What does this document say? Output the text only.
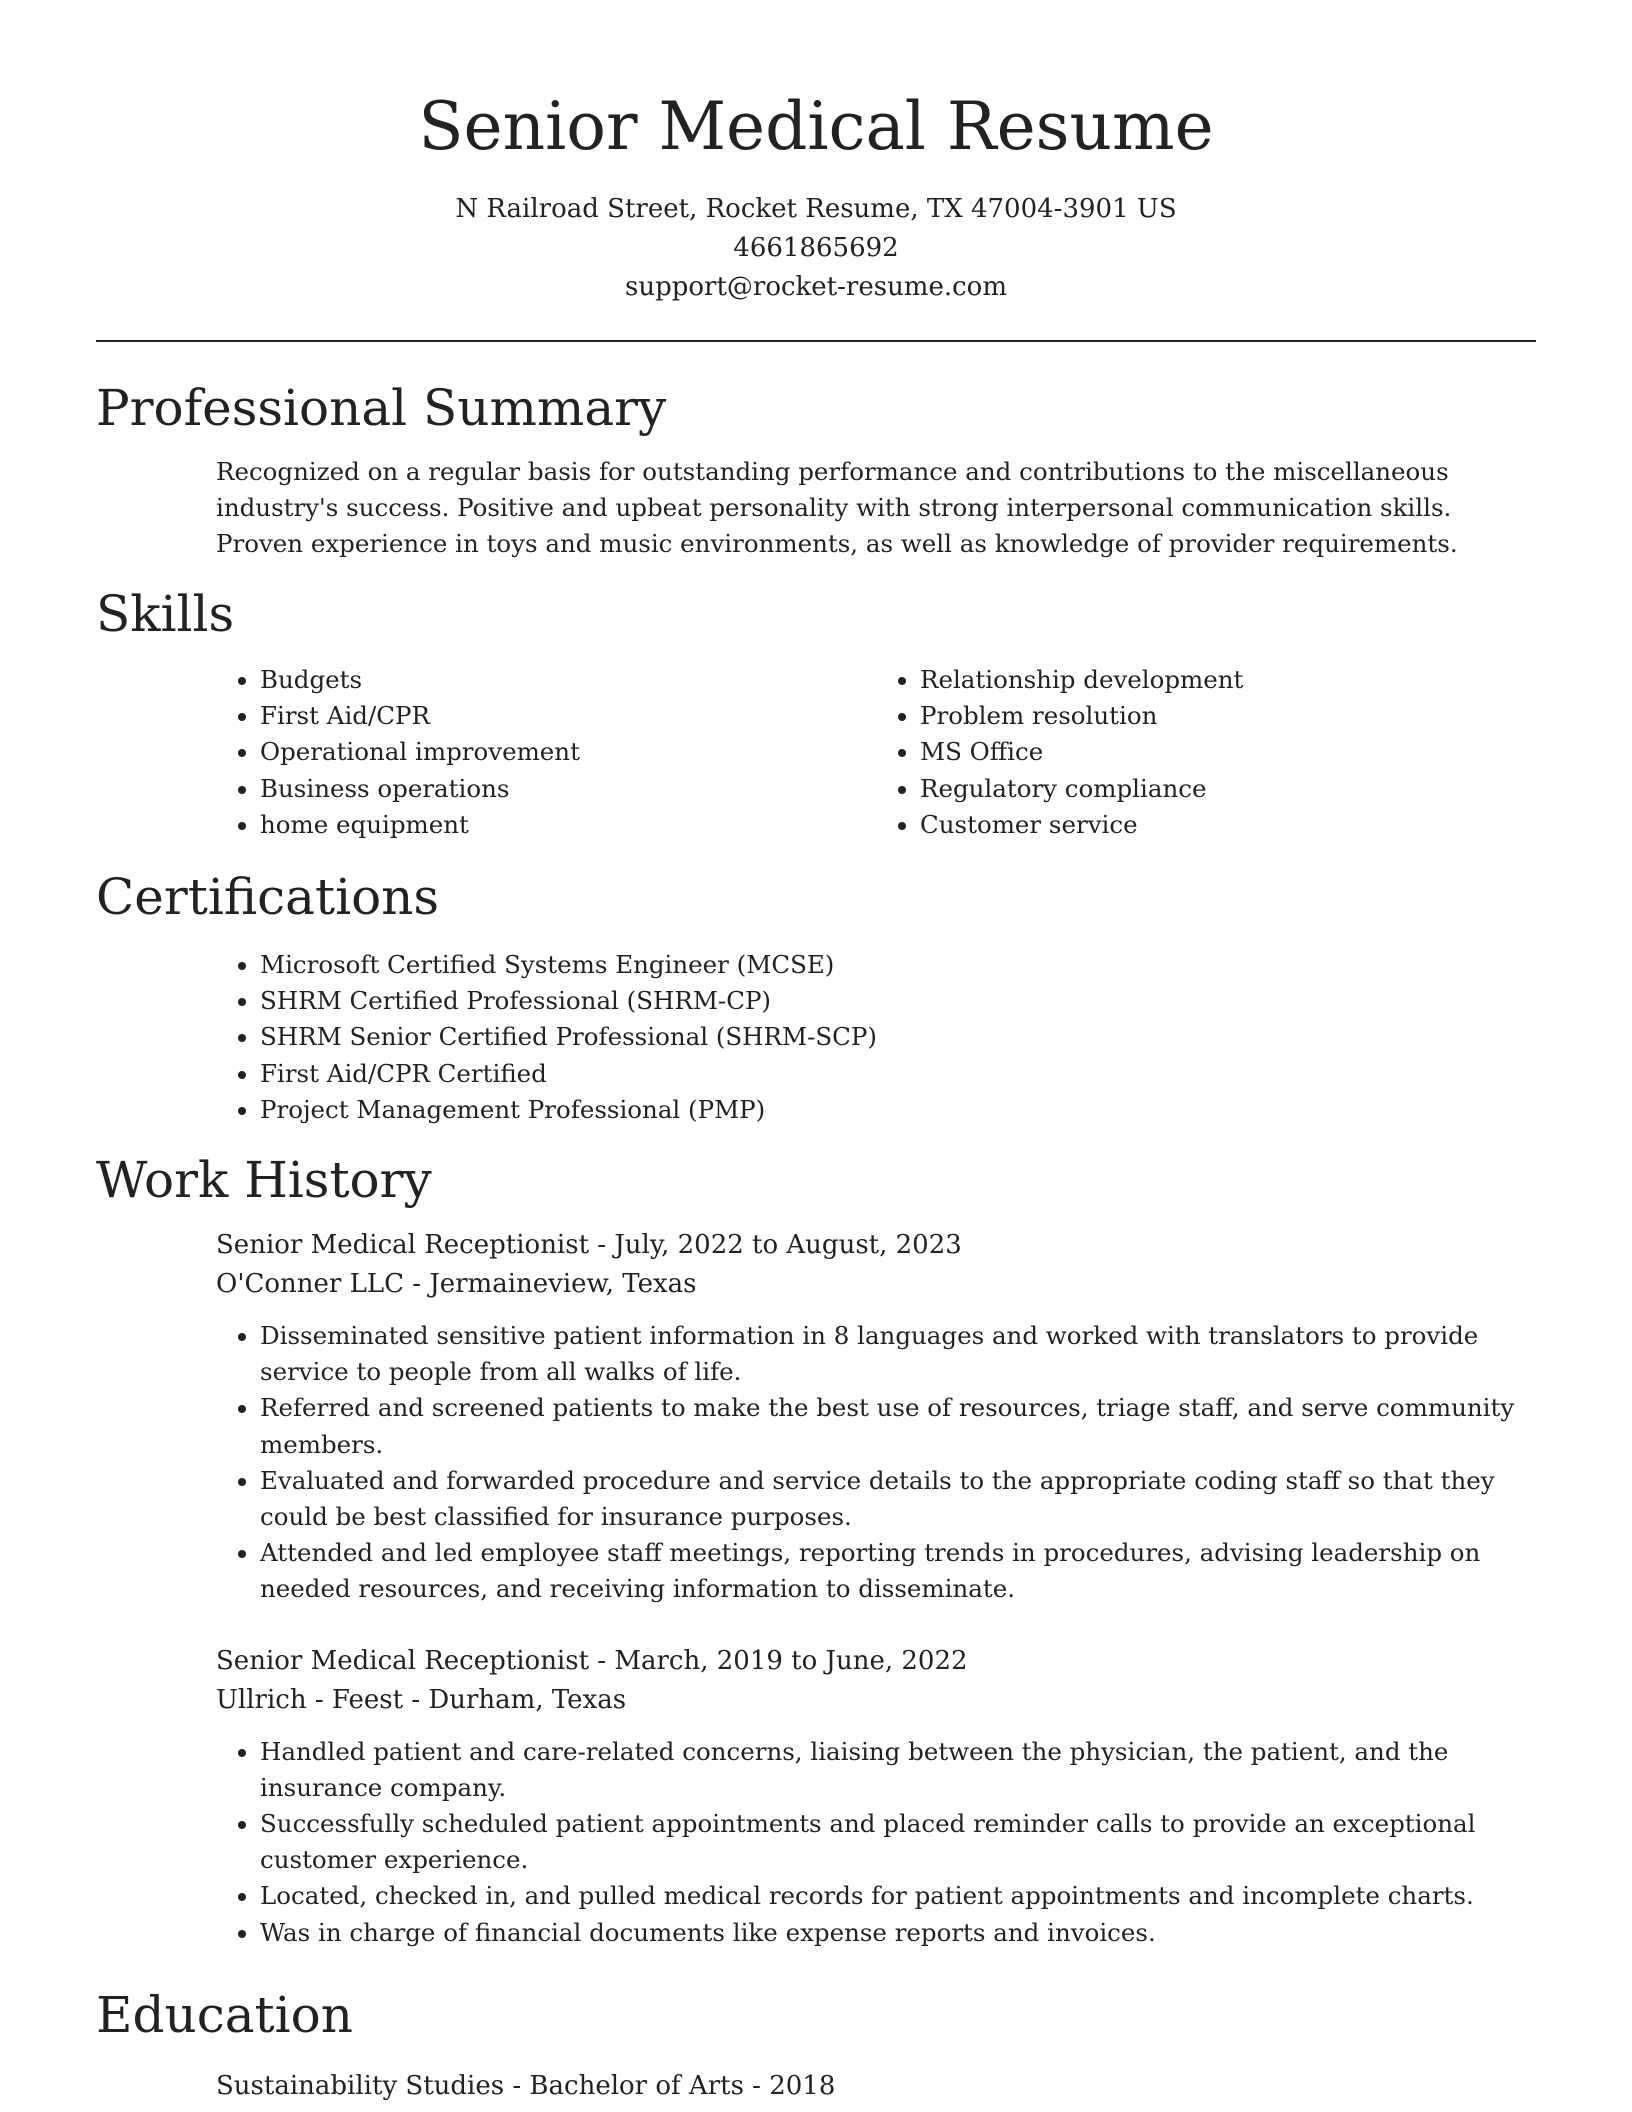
Senior Medical Resume
N Railroad Street, Rocket Resume, TX 47004-3901 US
4661865692
support@rocket-resume.com
Professional Summary
Recognized on a regular basis for outstanding performance and contributions to the miscellaneous industry's success. Positive and upbeat personality with strong interpersonal communication skills. Proven experience in toys and music environments, as well as knowledge of provider requirements.
Skills
• Budgets
• First Aid/CPR
• Operational improvement
• Business operations
• home equipment
• Relationship development
• Problem resolution
• MS Office
• Regulatory compliance
• Customer service
Certifications
• Microsoft Certified Systems Engineer (MCSE)
• SHRM Certified Professional (SHRM-CP)
• SHRM Senior Certified Professional (SHRM-SCP)
• First Aid/CPR Certified
• Project Management Professional (PMP)
Work History
Senior Medical Receptionist - July, 2022 to August, 2023
O'Conner LLC - Jermaineview, Texas
• Disseminated sensitive patient information in 8 languages and worked with translators to provide service to people from all walks of life.
• Referred and screened patients to make the best use of resources, triage staff, and serve community members.
• Evaluated and forwarded procedure and service details to the appropriate coding staff so that they could be best classified for insurance purposes.
• Attended and led employee staff meetings, reporting trends in procedures, advising leadership on needed resources, and receiving information to disseminate.
Senior Medical Receptionist - March, 2019 to June, 2022
Ullrich - Feest - Durham, Texas
• Handled patient and care-related concerns, liaising between the physician, the patient, and the insurance company.
• Successfully scheduled patient appointments and placed reminder calls to provide an exceptional customer experience.
• Located, checked in, and pulled medical records for patient appointments and incomplete charts.
• Was in charge of financial documents like expense reports and invoices.
Education
Sustainability Studies - Bachelor of Arts - 2018
